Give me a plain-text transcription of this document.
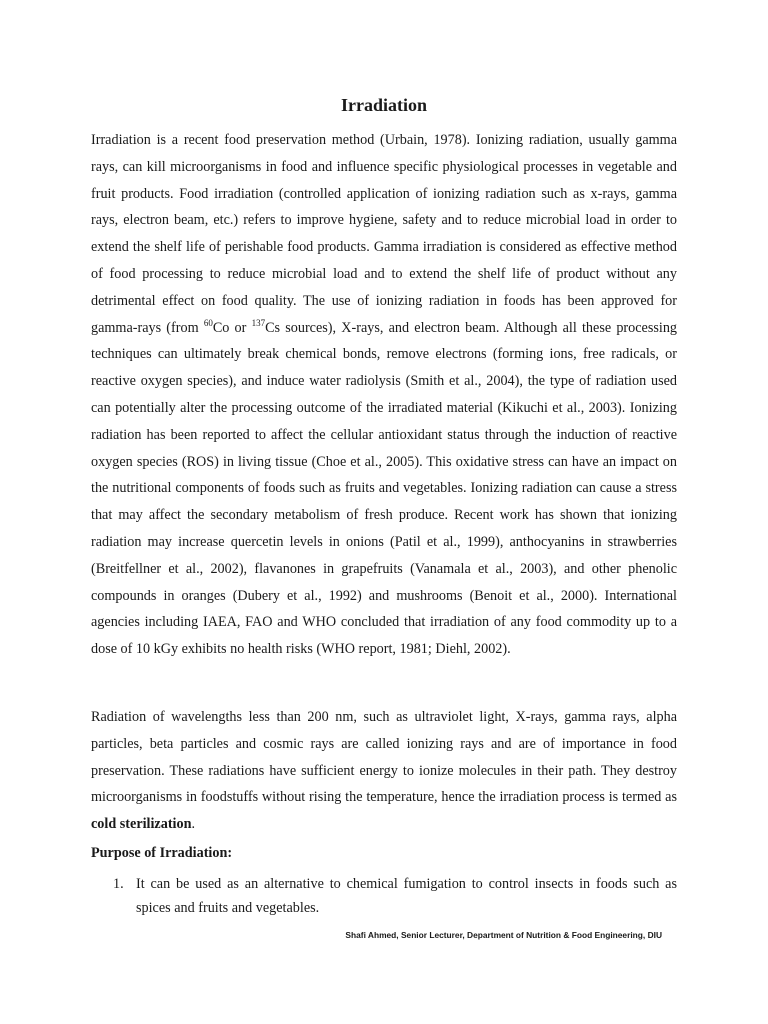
Irradiation

Irradiation is a recent food preservation method (Urbain, 1978). Ionizing radiation, usually gamma rays, can kill microorganisms in food and influence specific physiological processes in vegetable and fruit products. Food irradiation (controlled application of ionizing radiation such as x-rays, gamma rays, electron beam, etc.) refers to improve hygiene, safety and to reduce microbial load in order to extend the shelf life of perishable food products. Gamma irradiation is considered as effective method of food processing to reduce microbial load and to extend the shelf life of product without any detrimental effect on food quality. The use of ionizing radiation in foods has been approved for gamma-rays (from $^{60}$Co or $^{137}$Cs sources), X-rays, and electron beam. Although all these processing techniques can ultimately break chemical bonds, remove electrons (forming ions, free radicals, or reactive oxygen species), and induce water radiolysis (Smith et al., 2004), the type of radiation used can potentially alter the processing outcome of the irradiated material (Kikuchi et al., 2003). Ionizing radiation has been reported to affect the cellular antioxidant status through the induction of reactive oxygen species (ROS) in living tissue (Choe et al., 2005). This oxidative stress can have an impact on the nutritional components of foods such as fruits and vegetables. Ionizing radiation can cause a stress that may affect the secondary metabolism of fresh produce. Recent work has shown that ionizing radiation may increase quercetin levels in onions (Patil et al., 1999), anthocyanins in strawberries (Breitfellner et al., 2002), flavanones in grapefruits (Vanamala et al., 2003), and other phenolic compounds in oranges (Dubery et al., 1992) and mushrooms (Benoit et al., 2000). International agencies including IAEA, FAO and WHO concluded that irradiation of any food commodity up to a dose of 10 kGy exhibits no health risks (WHO report, 1981; Diehl, 2002).

Radiation of wavelengths less than 200 nm, such as ultraviolet light, X-rays, gamma rays, alpha particles, beta particles and cosmic rays are called ionizing rays and are of importance in food preservation. These radiations have sufficient energy to ionize molecules in their path. They destroy microorganisms in foodstuffs without rising the temperature, hence the irradiation process is termed as cold sterilization.

Purpose of Irradiation:

1. It can be used as an alternative to chemical fumigation to control insects in foods such as spices and fruits and vegetables.

Shafi Ahmed, Senior Lecturer, Department of Nutrition & Food Engineering, DIU
